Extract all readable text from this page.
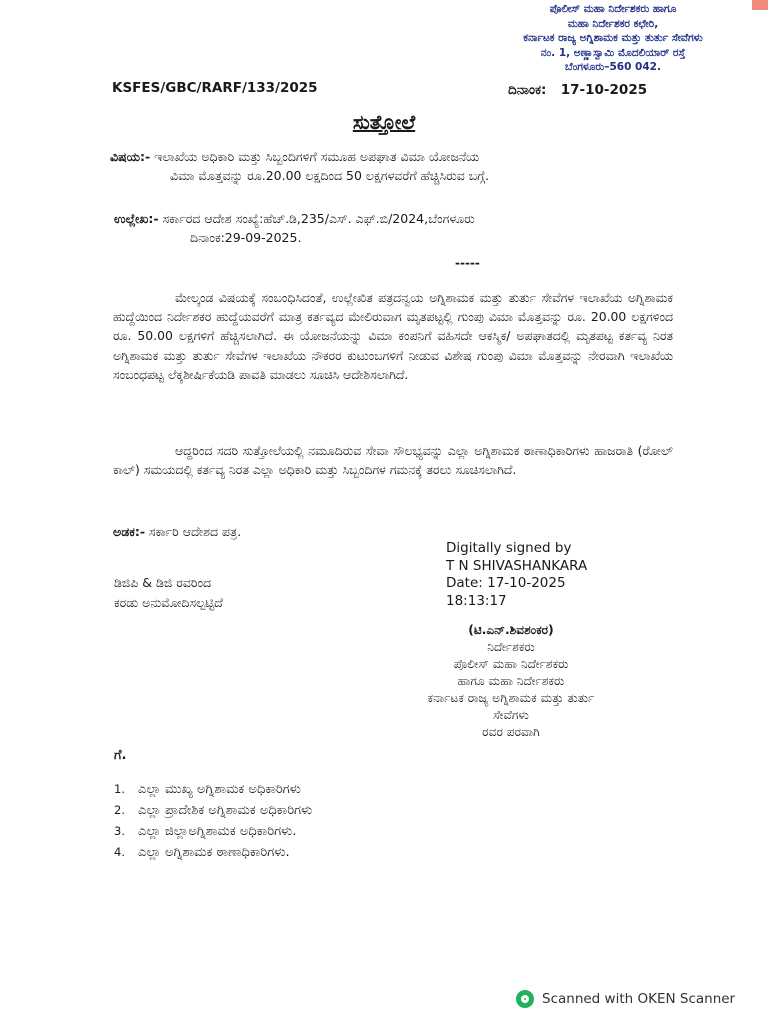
ಪೊಲೀಸ್ ಮಹಾ ನಿರ್ದೇಶಕರು ಹಾಗೂ
ಮಹಾ ನಿರ್ದೇಶಕರ ಕಛೇರಿ,
ಕರ್ನಾಟಕ ರಾಜ್ಯ ಅಗ್ನಿಶಾಮಕ ಮತ್ತು ತುರ್ತು ಸೇವೆಗಳು
ನಂ. 1, ಅಣ್ಣಾಸ್ವಾಮಿ ಮೊದಲಿಯಾರ್ ರಸ್ತೆ
ಬೆಂಗಳೂರು–560 042.
KSFES/GBC/RARF/133/2025	ದಿನಾಂಕ: 17-10-2025
ಸುತ್ತೋಲೆ
ವಿಷಯ:- ಇಲಾಖೆಯ ಅಧಿಕಾರಿ ಮತ್ತು ಸಿಬ್ಬಂದಿಗಳಿಗೆ ಸಮೂಹ ಅಪಘಾತ ವಿಮಾ ಯೋಜನೆಯ
ವಿಮಾ ಮೊತ್ತವನ್ನು ರೂ.20.00 ಲಕ್ಷದಿಂದ 50 ಲಕ್ಷಗಳವರೆಗೆ ಹೆಚ್ಚಿಸಿರುವ ಬಗ್ಗೆ.
ಉಲ್ಲೇಖ:- ಸರ್ಕಾರದ ಆದೇಶ ಸಂಖ್ಯೆ:ಹೆಚ್.ಡಿ,235/ಎಸ್. ಎಫ್.ಬಿ/2024,ಬೆಂಗಳೂರು
ದಿನಾಂಕ:29-09-2025.
-----
ಮೇಲ್ಕಂಡ ವಿಷಯಕ್ಕೆ ಸಂಬಂಧಿಸಿದಂತೆ, ಉಲ್ಲೇಖಿತ ಪತ್ರದನ್ವಯ ಅಗ್ನಿಶಾಮಕ ಮತ್ತು ತುರ್ತು ಸೇವೆಗಳ ಇಲಾಖೆಯ ಅಗ್ನಿಶಾಮಕ ಹುದ್ದೆಯಿಂದ ನಿರ್ದೇಶಕರ ಹುದ್ದೆಯವರೆಗೆ ಮಾತ್ರ ಕರ್ತವ್ಯದ ಮೇಲಿರುವಾಗ ಮೃತಪಟ್ಟಲ್ಲಿ ಗುಂಪು ವಿಮಾ ಮೊತ್ತವನ್ನು ರೂ. 20.00 ಲಕ್ಷಗಳಿಂದ ರೂ. 50.00 ಲಕ್ಷಗಳಿಗೆ ಹೆಚ್ಚಿಸಲಾಗಿದೆ. ಈ ಯೋಜನೆಯನ್ನು ವಿಮಾ ಕಂಪನಿಗೆ ವಹಿಸದೇ ಆಕಸ್ಮಿಕ/ ಅಪಘಾತದಲ್ಲಿ ಮೃತಪಟ್ಟ ಕರ್ತವ್ಯ ನಿರತ ಅಗ್ನಿಶಾಮಕ ಮತ್ತು ತುರ್ತು ಸೇವೆಗಳ ಇಲಾಖೆಯ ನೌಕರರ ಕುಟುಂಬಗಳಿಗೆ ನೀಡುವ ವಿಶೇಷ ಗುಂಪು ವಿಮಾ ಮೊತ್ತವನ್ನು ನೇರವಾಗಿ ಇಲಾಖೆಯ ಸಂಬಂಧಪಟ್ಟ ಲೆಕ್ಕಶೀರ್ಷಿಕೆಯಡಿ ಪಾವತಿ ಮಾಡಲು ಸೂಚಿಸಿ ಆದೇಶಿಸಲಾಗಿದೆ.
ಆದ್ದರಿಂದ ಸದರಿ ಸುತ್ತೋಲೆಯಲ್ಲಿ ನಮೂದಿರುವ ಸೇವಾ ಸೌಲಭ್ಯವನ್ನು ಎಲ್ಲಾ ಅಗ್ನಿಶಾಮಕ ಠಾಣಾಧಿಕಾರಿಗಳು ಹಾಜರಾತಿ (ರೋಲ್ ಕಾಲ್) ಸಮಯದಲ್ಲಿ ಕರ್ತವ್ಯ ನಿರತ ಎಲ್ಲಾ ಅಧಿಕಾರಿ ಮತ್ತು ಸಿಬ್ಬಂದಿಗಳ ಗಮನಕ್ಕೆ ತರಲು ಸೂಚಿಸಲಾಗಿದೆ.
ಅಡಕ:- ಸರ್ಕಾರಿ ಆದೇಶದ ಪತ್ರ.
Digitally signed by
T N SHIVASHANKARA
Date: 17-10-2025
18:13:17
ಡಿಜಿಪಿ & ಡಿಜಿ ರವರಿಂದ
ಕರಡು ಅನುಮೋದಿಸಲ್ಪಟ್ಟಿದೆ
(ಟಿ.ಎನ್.ಶಿವಶಂಕರ)
ನಿರ್ದೇಶಕರು
ಪೊಲೀಸ್ ಮಹಾ ನಿರ್ದೇಶಕರು
ಹಾಗೂ ಮಹಾ ನಿರ್ದೇಶಕರು
ಕರ್ನಾಟಕ ರಾಜ್ಯ ಅಗ್ನಿಶಾಮಕ ಮತ್ತು ತುರ್ತು
ಸೇವೆಗಳು
ರವರ ಪರವಾಗಿ
ಗೆ.
1. ಎಲ್ಲಾ ಮುಖ್ಯ ಅಗ್ನಿಶಾಮಕ ಅಧಿಕಾರಿಗಳು
2. ಎಲ್ಲಾ ಪ್ರಾದೇಶಿಕ ಅಗ್ನಿಶಾಮಕ ಅಧಿಕಾರಿಗಳು
3. ಎಲ್ಲಾ ಜಿಲ್ಲಾಅಗ್ನಿಶಾಮಕ ಅಧಿಕಾರಿಗಳು.
4. ಎಲ್ಲಾ ಅಗ್ನಿಶಾಮಕ ಠಾಣಾಧಿಕಾರಿಗಳು.
Scanned with OKEN Scanner
